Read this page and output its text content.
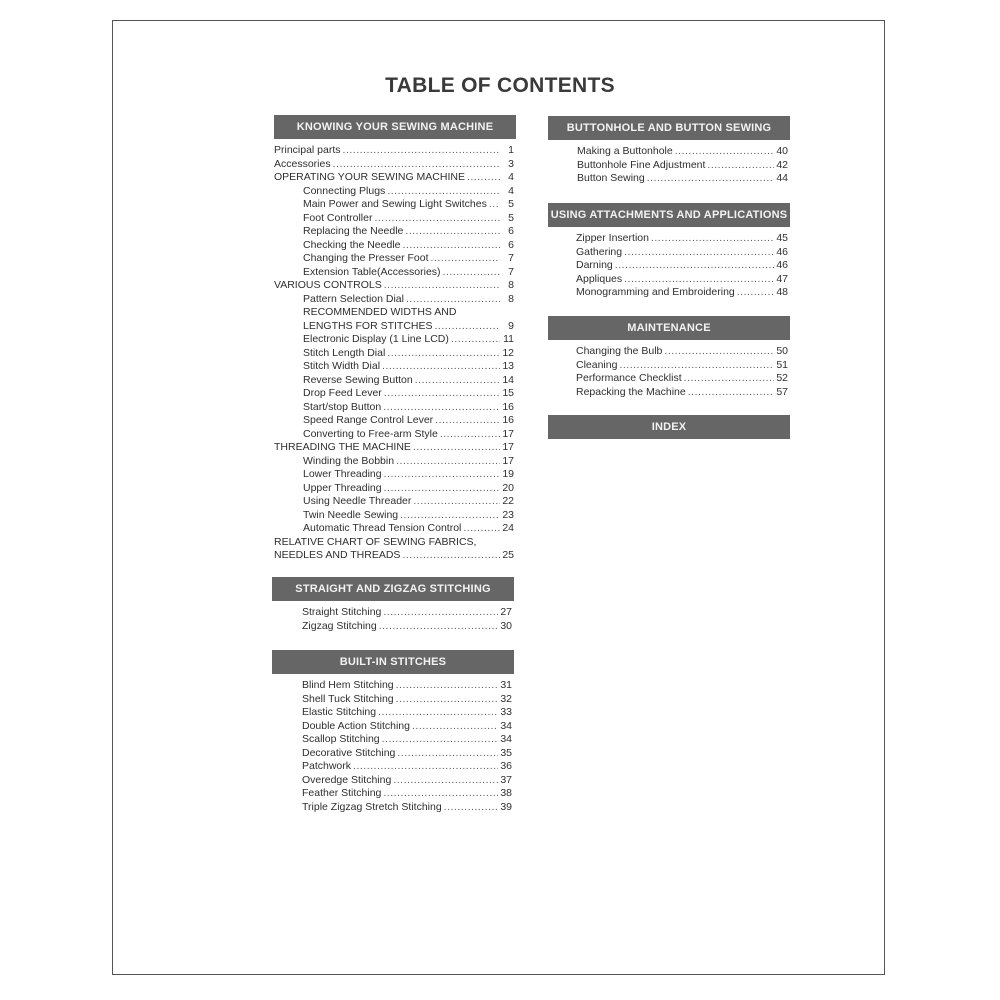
TABLE OF CONTENTS
KNOWING YOUR SEWING MACHINE
Principal parts .....	1
Accessories .....	3
OPERATING YOUR SEWING MACHINE .....	4
Connecting Plugs .....	4
Main Power and Sewing Light Switches .....	5
Foot Controller .....	5
Replacing the Needle .....	6
Checking the Needle .....	6
Changing the Presser Foot .....	7
Extension Table(Accessories) .....	7
VARIOUS CONTROLS .....	8
Pattern Selection Dial .....	8
RECOMMENDED WIDTHS AND
LENGTHS FOR STITCHES .....	9
Electronic Display (1 Line LCD) .....	11
Stitch Length Dial .....	12
Stitch Width Dial .....	13
Reverse Sewing Button .....	14
Drop Feed Lever .....	15
Start/stop Button .....	16
Speed Range Control Lever .....	16
Converting to Free-arm Style .....	17
THREADING THE MACHINE .....	17
Winding the Bobbin .....	17
Lower Threading .....	19
Upper Threading .....	20
Using Needle Threader .....	22
Twin Needle Sewing .....	23
Automatic Thread Tension Control .....	24
RELATIVE CHART OF SEWING FABRICS,
NEEDLES AND THREADS .....	25
STRAIGHT AND ZIGZAG STITCHING
Straight Stitching .....	27
Zigzag Stitching .....	30
BUILT-IN STITCHES
Blind Hem Stitching .....	31
Shell Tuck Stitching .....	32
Elastic Stitching .....	33
Double Action Stitching .....	34
Scallop Stitching .....	34
Decorative Stitching .....	35
Patchwork .....	36
Overedge Stitching .....	37
Feather Stitching .....	38
Triple Zigzag Stretch Stitching .....	39
BUTTONHOLE AND BUTTON SEWING
Making a Buttonhole .....	40
Buttonhole Fine Adjustment .....	42
Button Sewing .....	44
USING ATTACHMENTS AND APPLICATIONS
Zipper Insertion .....	45
Gathering .....	46
Darning .....	46
Appliques .....	47
Monogramming and Embroidering .....	48
MAINTENANCE
Changing the Bulb .....	50
Cleaning .....	51
Performance Checklist .....	52
Repacking the Machine .....	57
INDEX
